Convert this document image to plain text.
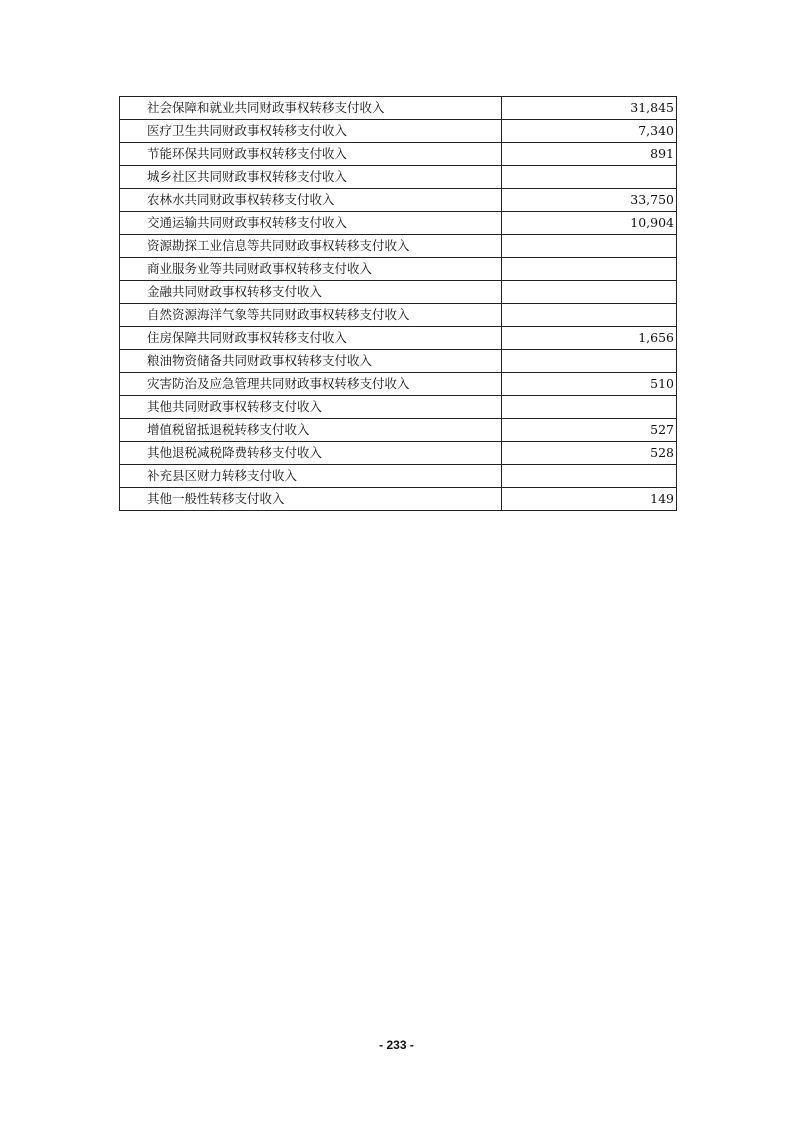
社会保障和就业共同财政事权转移支付收入	31,845
医疗卫生共同财政事权转移支付收入	7,340
节能环保共同财政事权转移支付收入	891
城乡社区共同财政事权转移支付收入	
农林水共同财政事权转移支付收入	33,750
交通运输共同财政事权转移支付收入	10,904
资源勘探工业信息等共同财政事权转移支付收入	
商业服务业等共同财政事权转移支付收入	
金融共同财政事权转移支付收入	
自然资源海洋气象等共同财政事权转移支付收入	
住房保障共同财政事权转移支付收入	1,656
粮油物资储备共同财政事权转移支付收入	
灾害防治及应急管理共同财政事权转移支付收入	510
其他共同财政事权转移支付收入	
增值税留抵退税转移支付收入	527
其他退税减税降费转移支付收入	528
补充县区财力转移支付收入	
其他一般性转移支付收入	149
- 233 -
